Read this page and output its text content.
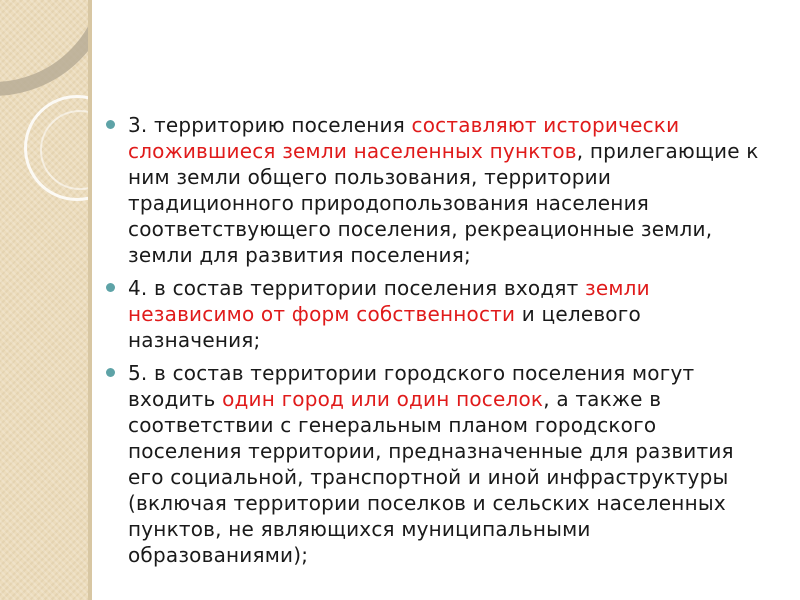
3. территорию поселения составляют исторически сложившиеся земли населенных пунктов, прилегающие к ним земли общего пользования, территории традиционного природопользования населения соответствующего поселения, рекреационные земли, земли для развития поселения;
4. в состав территории поселения входят земли независимо от форм собственности и целевого назначения;
5. в состав территории городского поселения могут входить один город или один поселок, а также в соответствии с генеральным планом городского поселения территории, предназначенные для развития его социальной, транспортной и иной инфраструктуры (включая территории поселков и сельских населенных пунктов, не являющихся муниципальными образованиями);
